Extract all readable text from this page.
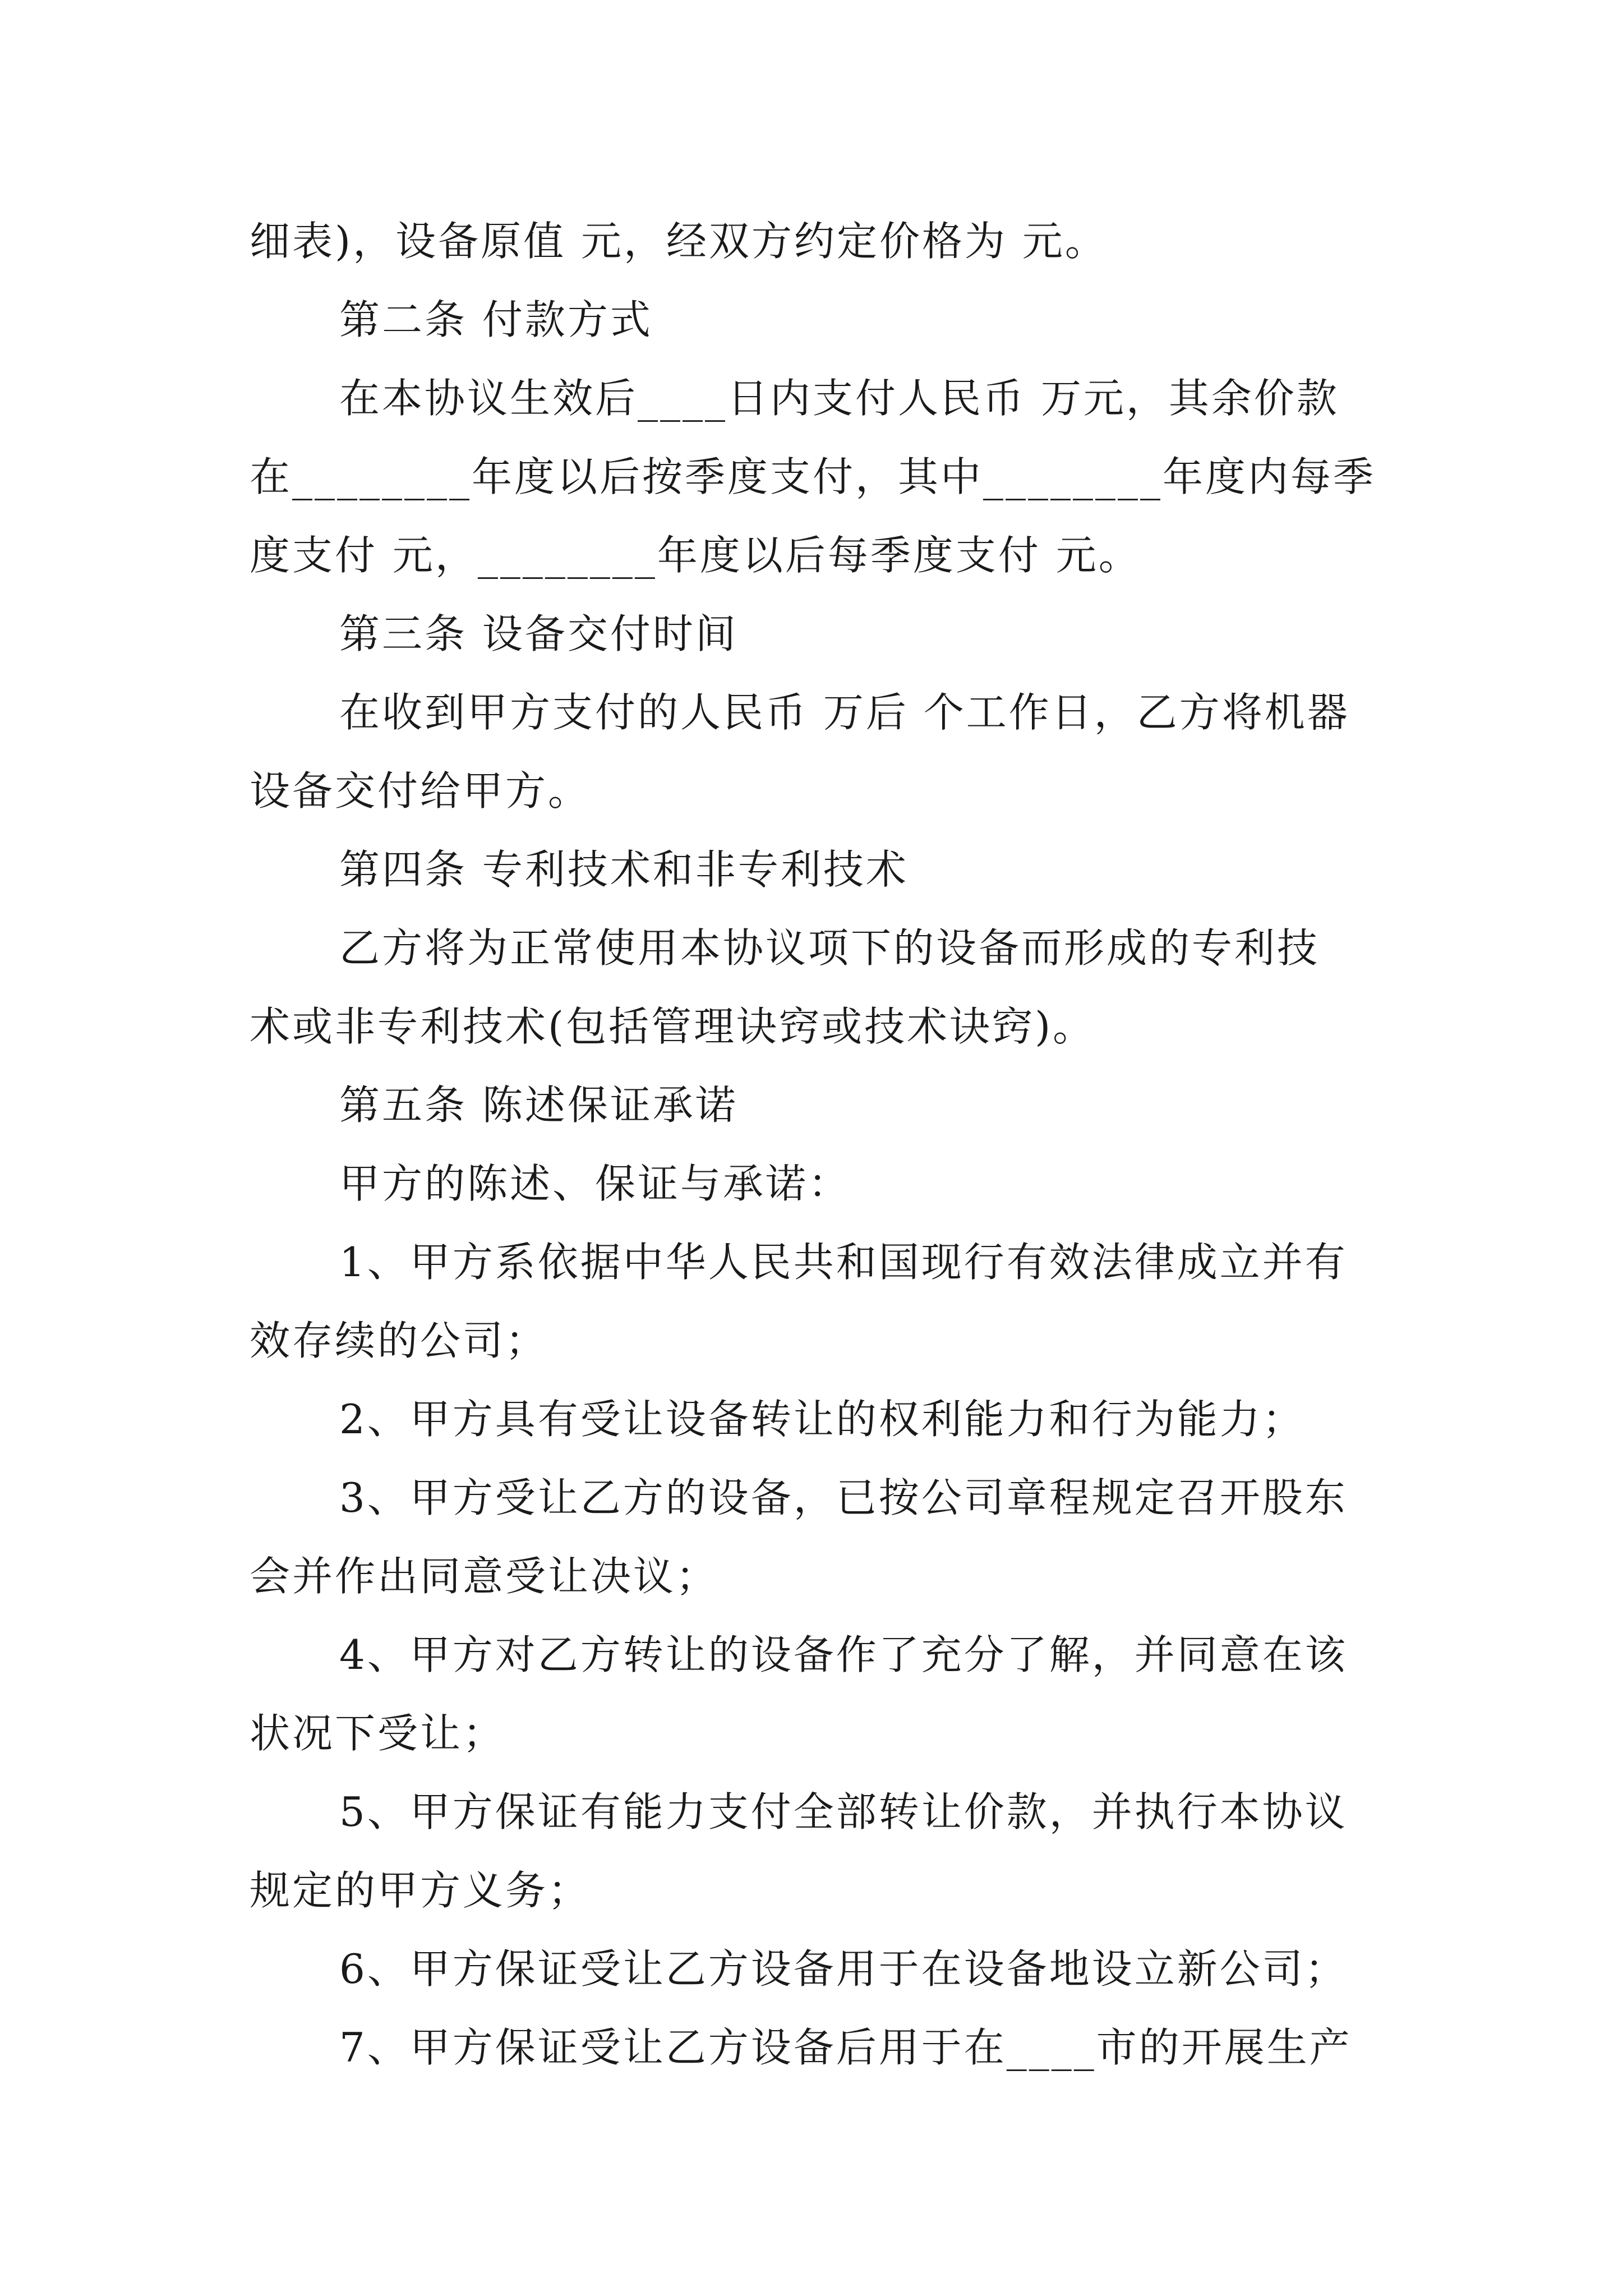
细表)，设备原值 元，经双方约定价格为 元。
第二条 付款方式
在本协议生效后____日内支付人民币 万元，其余价款
在________年度以后按季度支付，其中________年度内每季
度支付 元，________年度以后每季度支付 元。
第三条 设备交付时间
在收到甲方支付的人民币 万后 个工作日，乙方将机器
设备交付给甲方。
第四条 专利技术和非专利技术
乙方将为正常使用本协议项下的设备而形成的专利技
术或非专利技术(包括管理诀窍或技术诀窍)。
第五条 陈述保证承诺
甲方的陈述、保证与承诺：
1、甲方系依据中华人民共和国现行有效法律成立并有
效存续的公司；
2、甲方具有受让设备转让的权利能力和行为能力；
3、甲方受让乙方的设备，已按公司章程规定召开股东
会并作出同意受让决议；
4、甲方对乙方转让的设备作了充分了解，并同意在该
状况下受让；
5、甲方保证有能力支付全部转让价款，并执行本协议
规定的甲方义务；
6、甲方保证受让乙方设备用于在设备地设立新公司；
7、甲方保证受让乙方设备后用于在____市的开展生产
